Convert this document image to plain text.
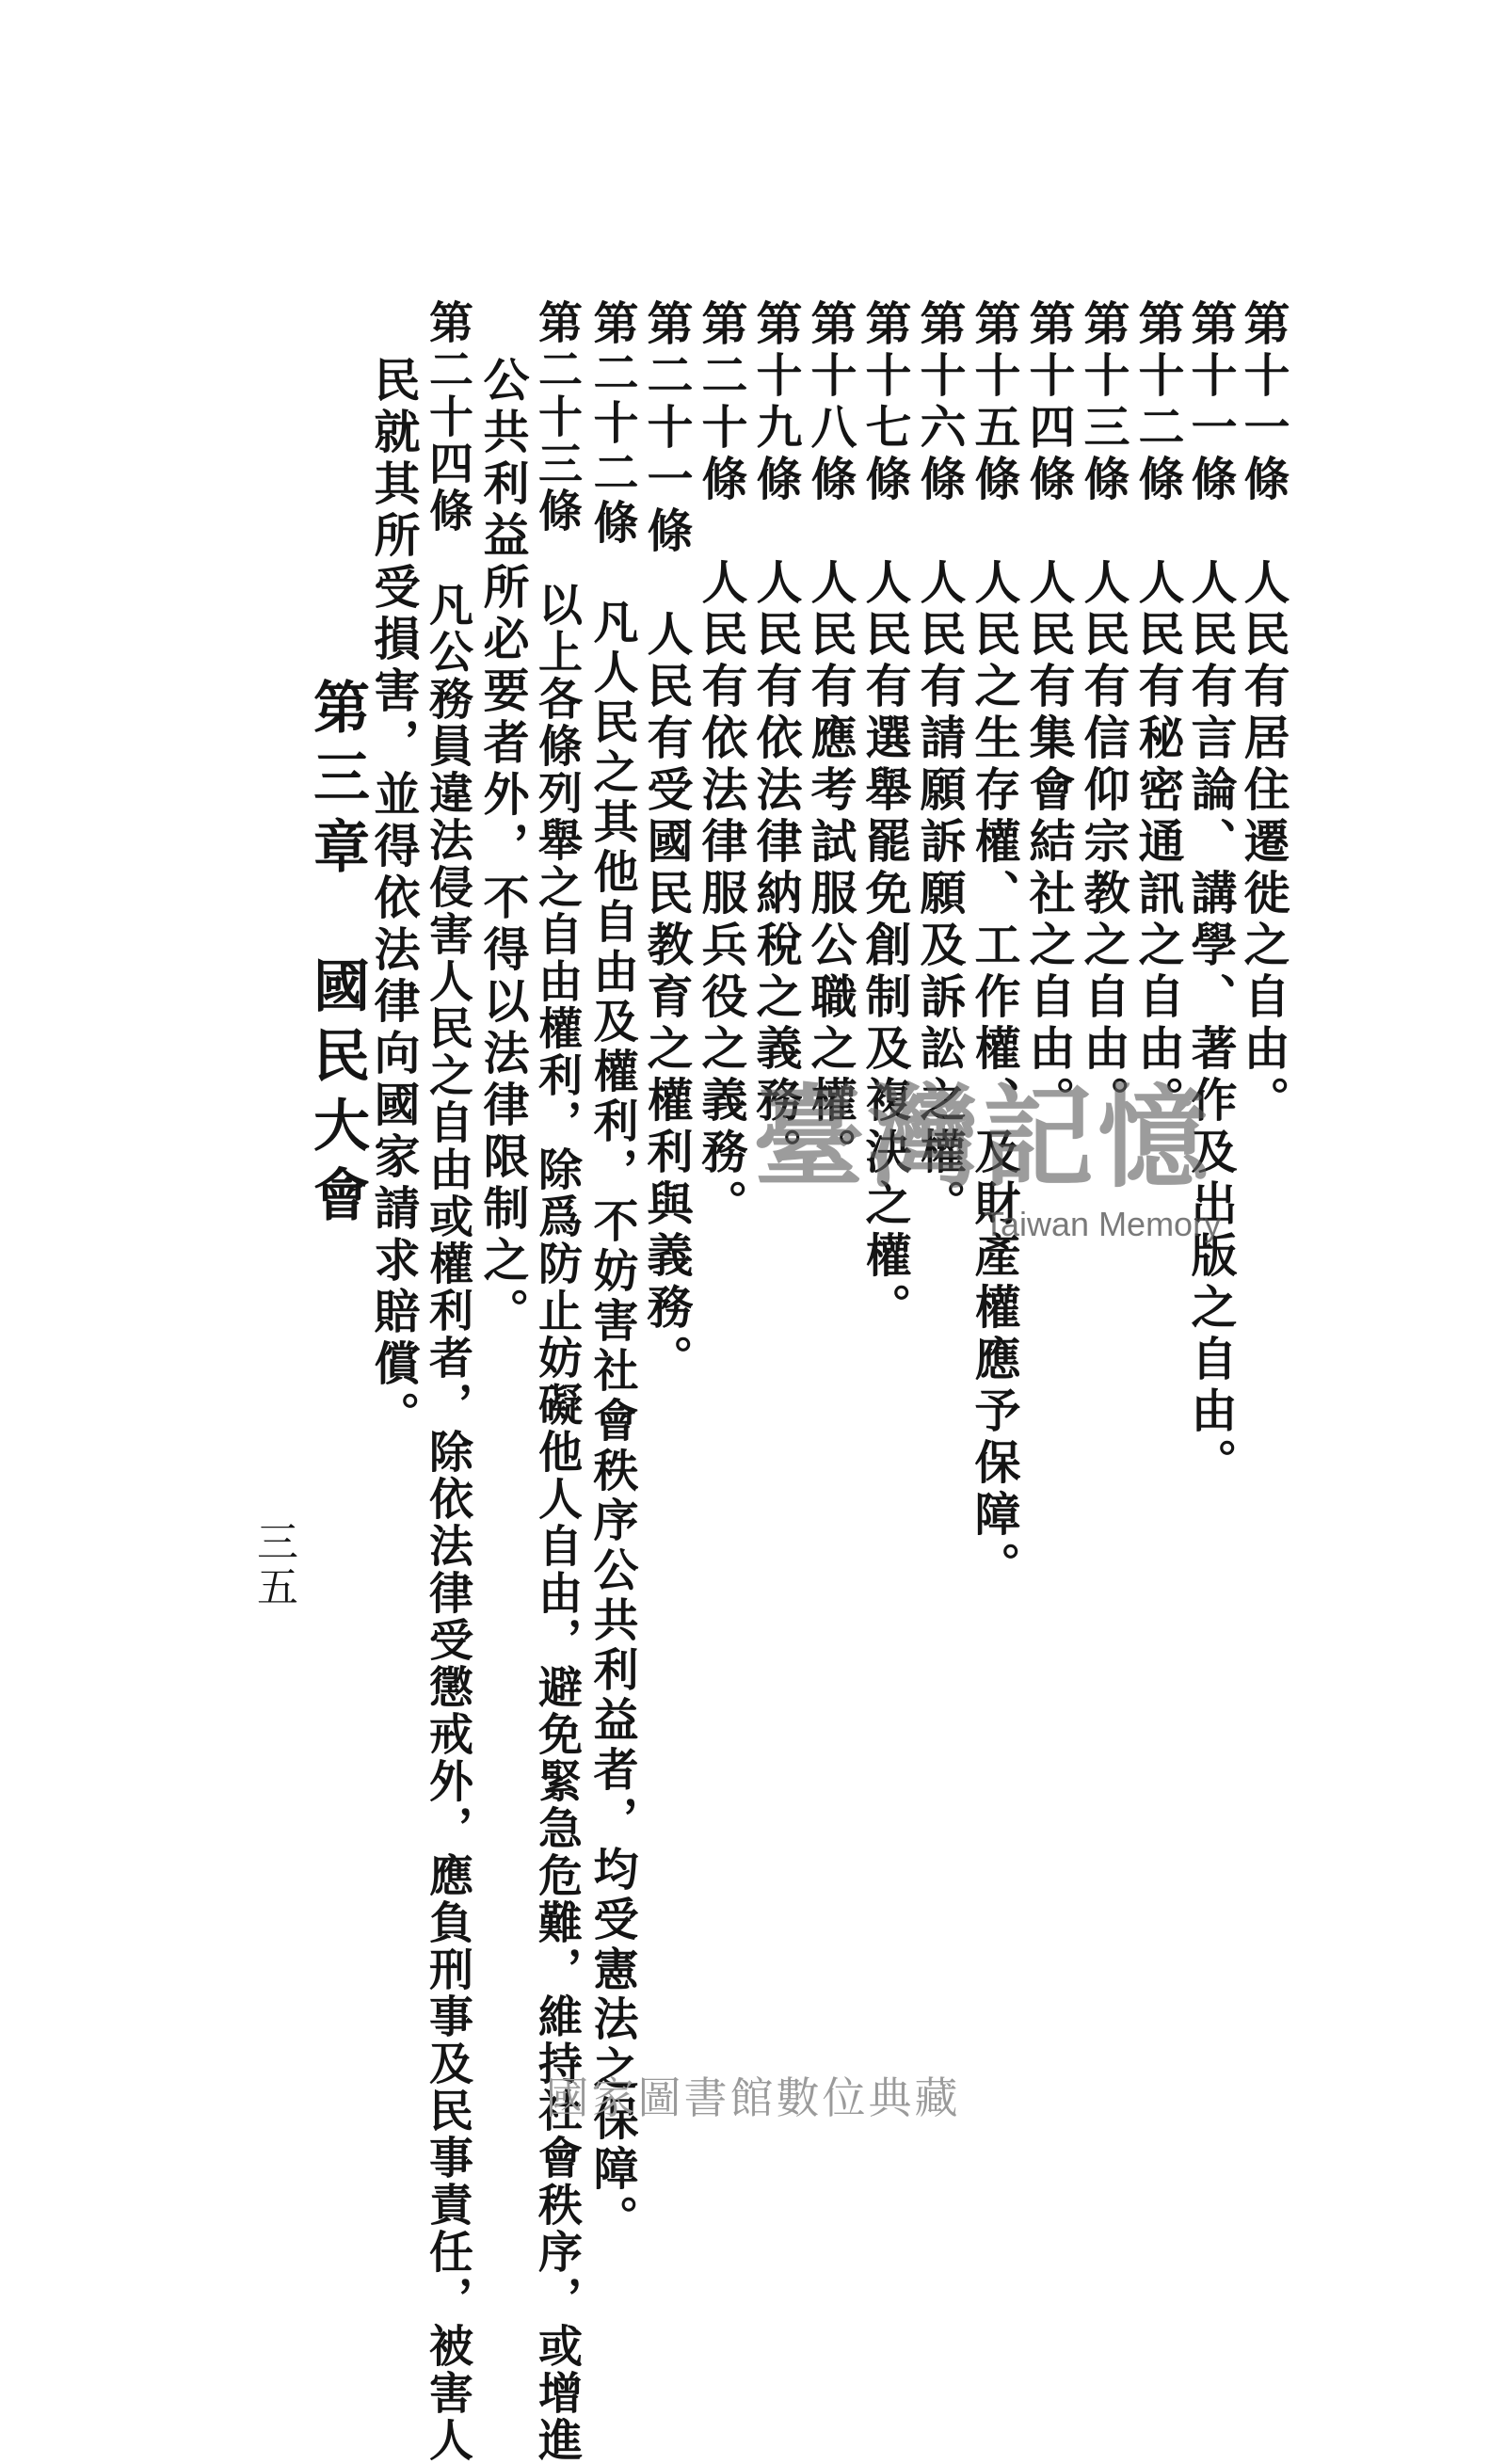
第十一條　人民有居住遷徙之自由。
第十一條　人民有言論、講學、著作及出版之自由。
第十二條　人民有秘密通訊之自由。
第十三條　人民有信仰宗教之自由。
第十四條　人民有集會結社之自由。
第十五條　人民之生存權、工作權、及財產權應予保障。
第十六條　人民有請願訴願及訴訟之權。
第十七條　人民有選舉罷免創制及複決之權。
第十八條　人民有應考試服公職之權。
第十九條　人民有依法律納稅之義務。
第二十條　人民有依法律服兵役之義務。
第二十一條　人民有受國民教育之權利與義務。
第二十二條　凡人民之其他自由及權利，不妨害社會秩序公共利益者，均受憲法之保障。
第二十三條　以上各條列舉之自由權利，除爲防止妨礙他人自由，避免緊急危難，維持社會秩序，或增進
公共利益所必要者外，不得以法律限制之。
第二十四條　凡公務員違法侵害人民之自由或權利者，除依法律受懲戒外，應負刑事及民事責任，被害人
民就其所受損害，並得依法律向國家請求賠償。
第三章　國民大會
三五
臺灣記憶
Taiwan Memory
國家圖書館數位典藏
